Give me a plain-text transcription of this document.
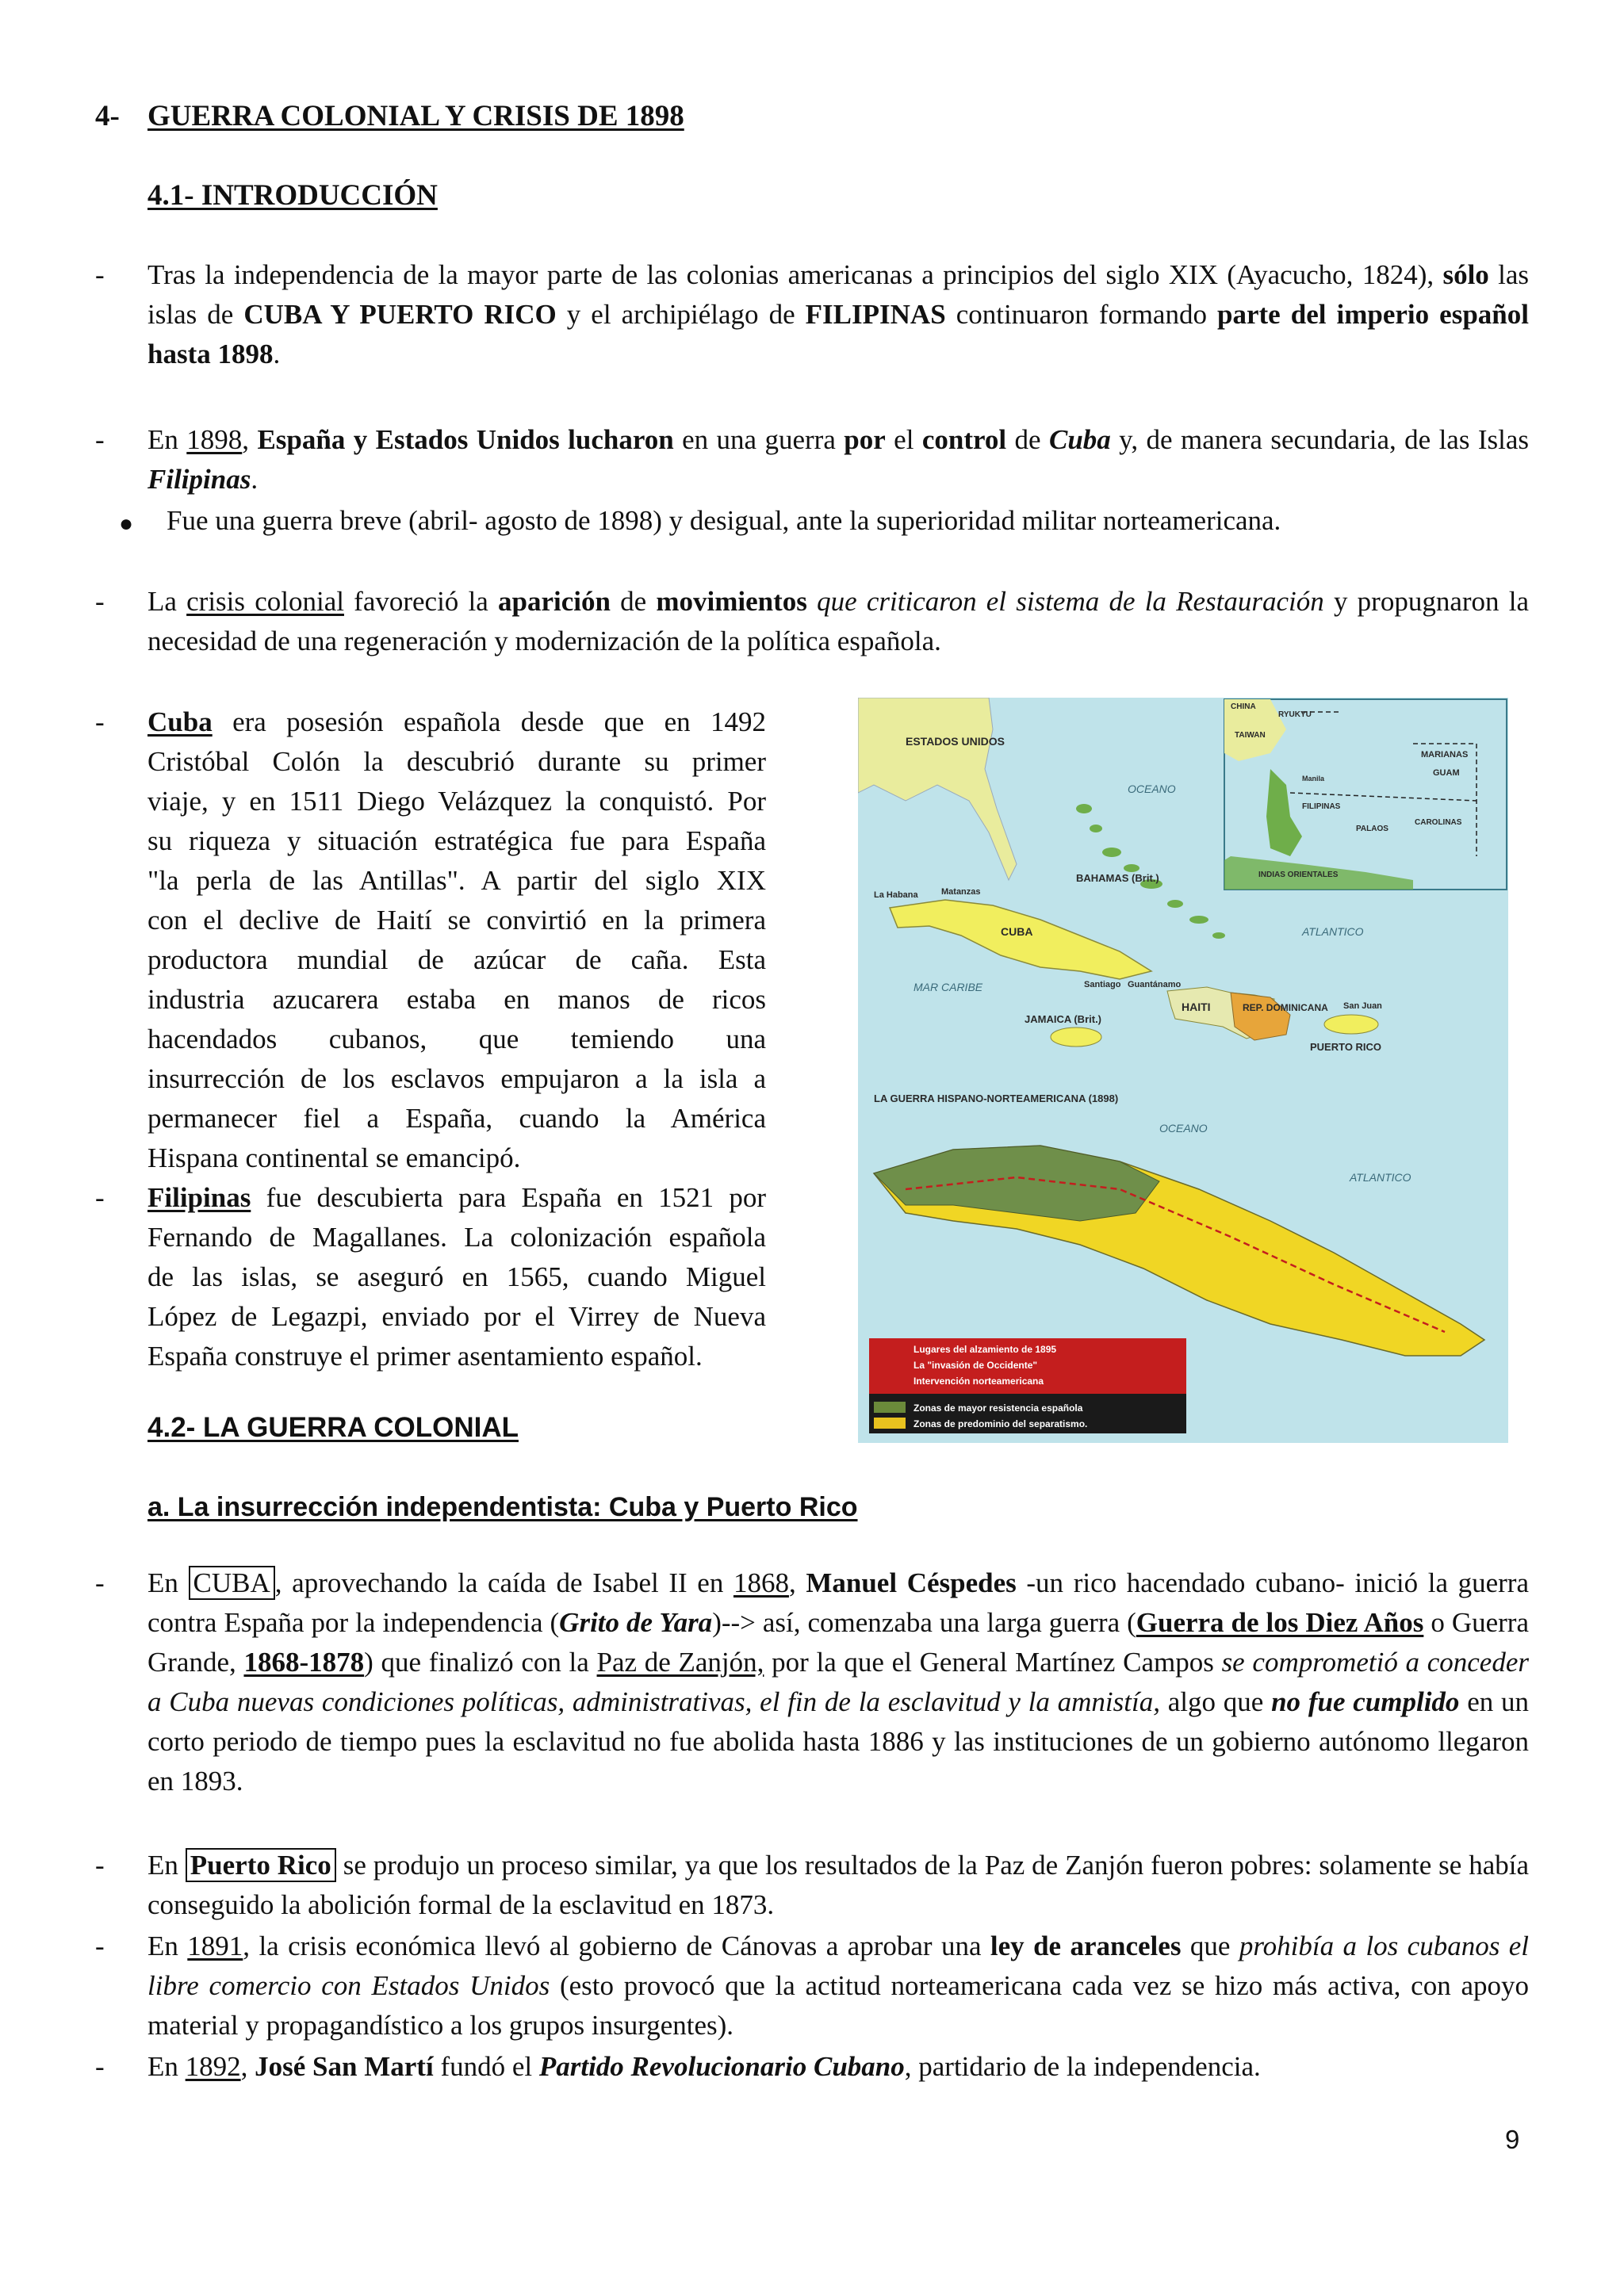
4- GUERRA COLONIAL Y CRISIS DE 1898
4.1- INTRODUCCIÓN
- Tras la independencia de la mayor parte de las colonias americanas a principios del siglo XIX (Ayacucho, 1824), sólo las islas de CUBA Y PUERTO RICO y el archipiélago de FILIPINAS continuaron formando parte del imperio español hasta 1898.
- En 1898, España y Estados Unidos lucharon en una guerra por el control de Cuba y, de manera secundaria, de las Islas Filipinas.
● Fue una guerra breve (abril- agosto de 1898) y desigual, ante la superioridad militar norteamericana.
- La crisis colonial favoreció la aparición de movimientos que criticaron el sistema de la Restauración y propugnaron la necesidad de una regeneración y modernización de la política española.
- Cuba era posesión española desde que en 1492
Cristóbal Colón la descubrió durante su primer
viaje, y en 1511 Diego Velázquez la conquistó. Por
su riqueza y situación estratégica fue para España
"la perla de las Antillas". A partir del siglo XIX
con el declive de Haití se convirtió en la primera
productora mundial de azúcar de caña. Esta
industria azucarera estaba en manos de ricos
hacendados cubanos, que temiendo una
insurrección de los esclavos empujaron a la isla a
permanecer fiel a España, cuando la América
Hispana continental se emancipó.
- Filipinas fue descubierta para España en 1521 por
Fernando de Magallanes. La colonización española
de las islas, se aseguró en 1565, cuando Miguel
López de Legazpi, enviado por el Virrey de Nueva
España construye el primer asentamiento español.
4.2- LA GUERRA COLONIAL
a. La insurrección independentista: Cuba y Puerto Rico
- En CUBA , aprovechando la caída de Isabel II en 1868, Manuel Céspedes -un rico hacendado cubano- inició la guerra contra España por la independencia (Grito de Yara)--> así, comenzaba una larga guerra (Guerra de los Diez Años o Guerra Grande, 1868-1878) que finalizó con la Paz de Zanjón, por la que el General Martínez Campos se comprometió a conceder a Cuba nuevas condiciones políticas, administrativas, el fin de la esclavitud y la amnistía, algo que no fue cumplido en un corto periodo de tiempo pues la esclavitud no fue abolida hasta 1886 y las instituciones de un gobierno autónomo llegaron en 1893.
- En Puerto Rico se produjo un proceso similar, ya que los resultados de la Paz de Zanjón fueron pobres: solamente se había conseguido la abolición formal de la esclavitud en 1873.
- En 1891, la crisis económica llevó al gobierno de Cánovas a aprobar una ley de aranceles que prohibía a los cubanos el libre comercio con Estados Unidos (esto provocó que la actitud norteamericana cada vez se hizo más activa, con apoyo material y propagandístico a los grupos insurgentes).
- En 1892, José San Martí fundó el Partido Revolucionario Cubano, partidario de la independencia.
ESTADOS UNIDOS
OCEANO
BAHAMAS (Brit.)
La Habana	Matanzas
CUBA	ATLANTICO
MAR CARIBE	Santiago Guantánamo
HAITI	REP. DOMINICANA San Juan
JAMAICA (Brit.)
PUERTO RICO
LA GUERRA HISPANO-NORTEAMERICANA (1898)
CHINA
RYUKYU
TAIWAN
MARIANAS
GUAM
Manila
FILIPINAS
PALAOS
CAROLINAS
INDIAS ORIENTALES
OCEANO
ATLANTICO
Lugares del alzamiento de 1895
La "invasión de Occidente"
Intervención norteamericana
Zonas de mayor resistencia española
Zonas de predominio del separatismo.
9
